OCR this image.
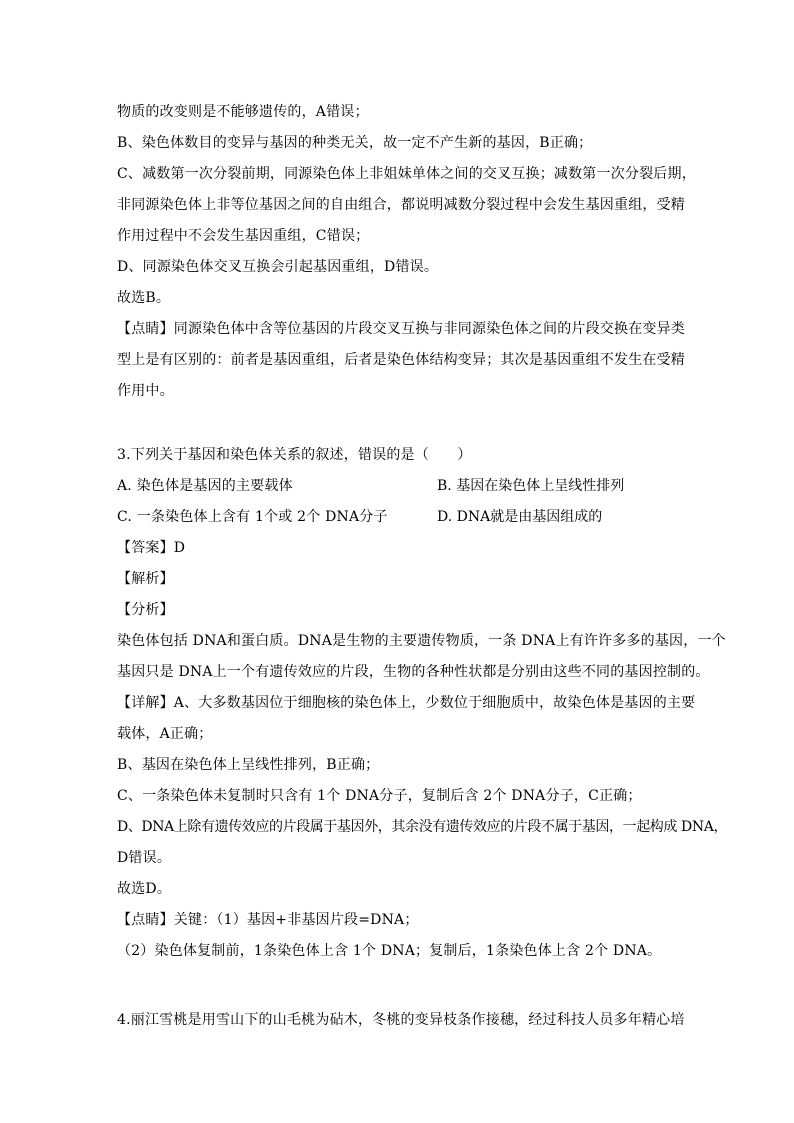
物质的改变则是不能够遗传的，A错误；
B、染色体数目的变异与基因的种类无关，故一定不产生新的基因，B正确；
C、减数第一次分裂前期，同源染色体上非姐妹单体之间的交叉互换；减数第一次分裂后期，
非同源染色体上非等位基因之间的自由组合，都说明减数分裂过程中会发生基因重组，受精
作用过程中不会发生基因重组，C错误；
D、同源染色体交叉互换会引起基因重组，D错误。
故选B。
【点睛】同源染色体中含等位基因的片段交叉互换与非同源染色体之间的片段交换在变异类
型上是有区别的：前者是基因重组，后者是染色体结构变异；其次是基因重组不发生在受精
作用中。
3.下列关于基因和染色体关系的叙述，错误的是（　　）
A. 染色体是基因的主要载体	B. 基因在染色体上呈线性排列
C. 一条染色体上含有 1个或 2个 DNA分子	D. DNA就是由基因组成的
【答案】D
【解析】
【分析】
染色体包括 DNA和蛋白质。DNA是生物的主要遗传物质，一条 DNA上有许许多多的基因，一个
基因只是 DNA上一个有遗传效应的片段，生物的各种性状都是分别由这些不同的基因控制的。
【详解】A、大多数基因位于细胞核的染色体上，少数位于细胞质中，故染色体是基因的主要
载体，A正确；
B、基因在染色体上呈线性排列，B正确；
C、一条染色体未复制时只含有 1个 DNA分子，复制后含 2个 DNA分子，C正确；
D、DNA上除有遗传效应的片段属于基因外，其余没有遗传效应的片段不属于基因，一起构成 DNA，
D错误。
故选D。
【点睛】关键：（1）基因+非基因片段=DNA；
（2）染色体复制前，1条染色体上含 1个 DNA；复制后，1条染色体上含 2个 DNA。
4.丽江雪桃是用雪山下的山毛桃为砧木，冬桃的变异枝条作接穗，经过科技人员多年精心培
